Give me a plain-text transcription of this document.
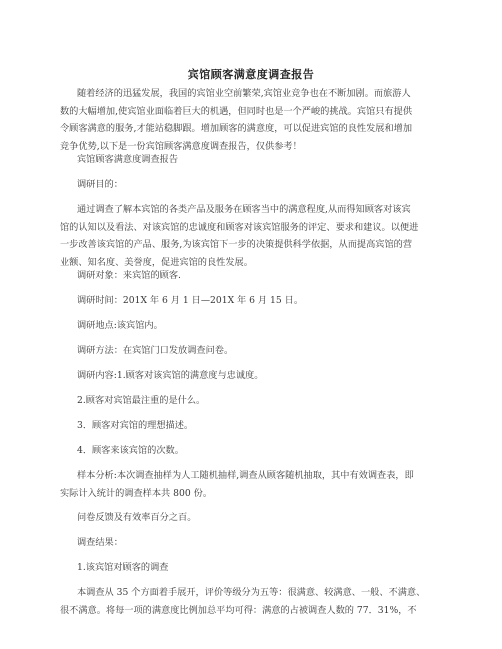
宾馆顾客满意度调查报告
随着经济的迅猛发展，我国的宾馆业空前繁荣,宾馆业竞争也在不断加剧。而旅游人
数的大幅增加,使宾馆业面临着巨大的机遇，但同时也是一个严峻的挑战。宾馆只有提供
令顾客满意的服务,才能站稳脚跟。增加顾客的满意度，可以促进宾馆的良性发展和增加
竞争优势,以下是一份宾馆顾客满意度调查报告，仅供参考！
宾馆顾客满意度调查报告
调研目的：
通过调查了解本宾馆的各类产品及服务在顾客当中的满意程度,从而得知顾客对该宾
馆的认知以及看法、对该宾馆的忠诚度和顾客对该宾馆服务的评定、要求和建议。以便进
一步改善该宾馆的产品、服务,为该宾馆下一步的决策提供科学依据，从而提高宾馆的营
业额、知名度、美誉度，促进宾馆的良性发展。
调研对象：来宾馆的顾客.
调研时间：201X 年 6 月 1 日—201X 年 6 月 15 日。
调研地点:该宾馆内。
调研方法：在宾馆门口发放调查问卷。
调研内容:1.顾客对该宾馆的满意度与忠诚度。
2.顾客对宾馆最注重的是什么。
3．顾客对宾馆的理想描述。
4．顾客来该宾馆的次数。
样本分析:本次调查抽样为人工随机抽样,调查从顾客随机抽取，其中有效调查表，即
实际计入统计的调查样本共 800 份。
问卷反馈及有效率百分之百。
调查结果：
1.该宾馆对顾客的调查
本调查从 35 个方面着手展开，评价等级分为五等：很满意、较满意、一般、不满意、
很不满意。将每一项的满意度比例加总平均可得：满意的占被调查人数的 77．31%，不
